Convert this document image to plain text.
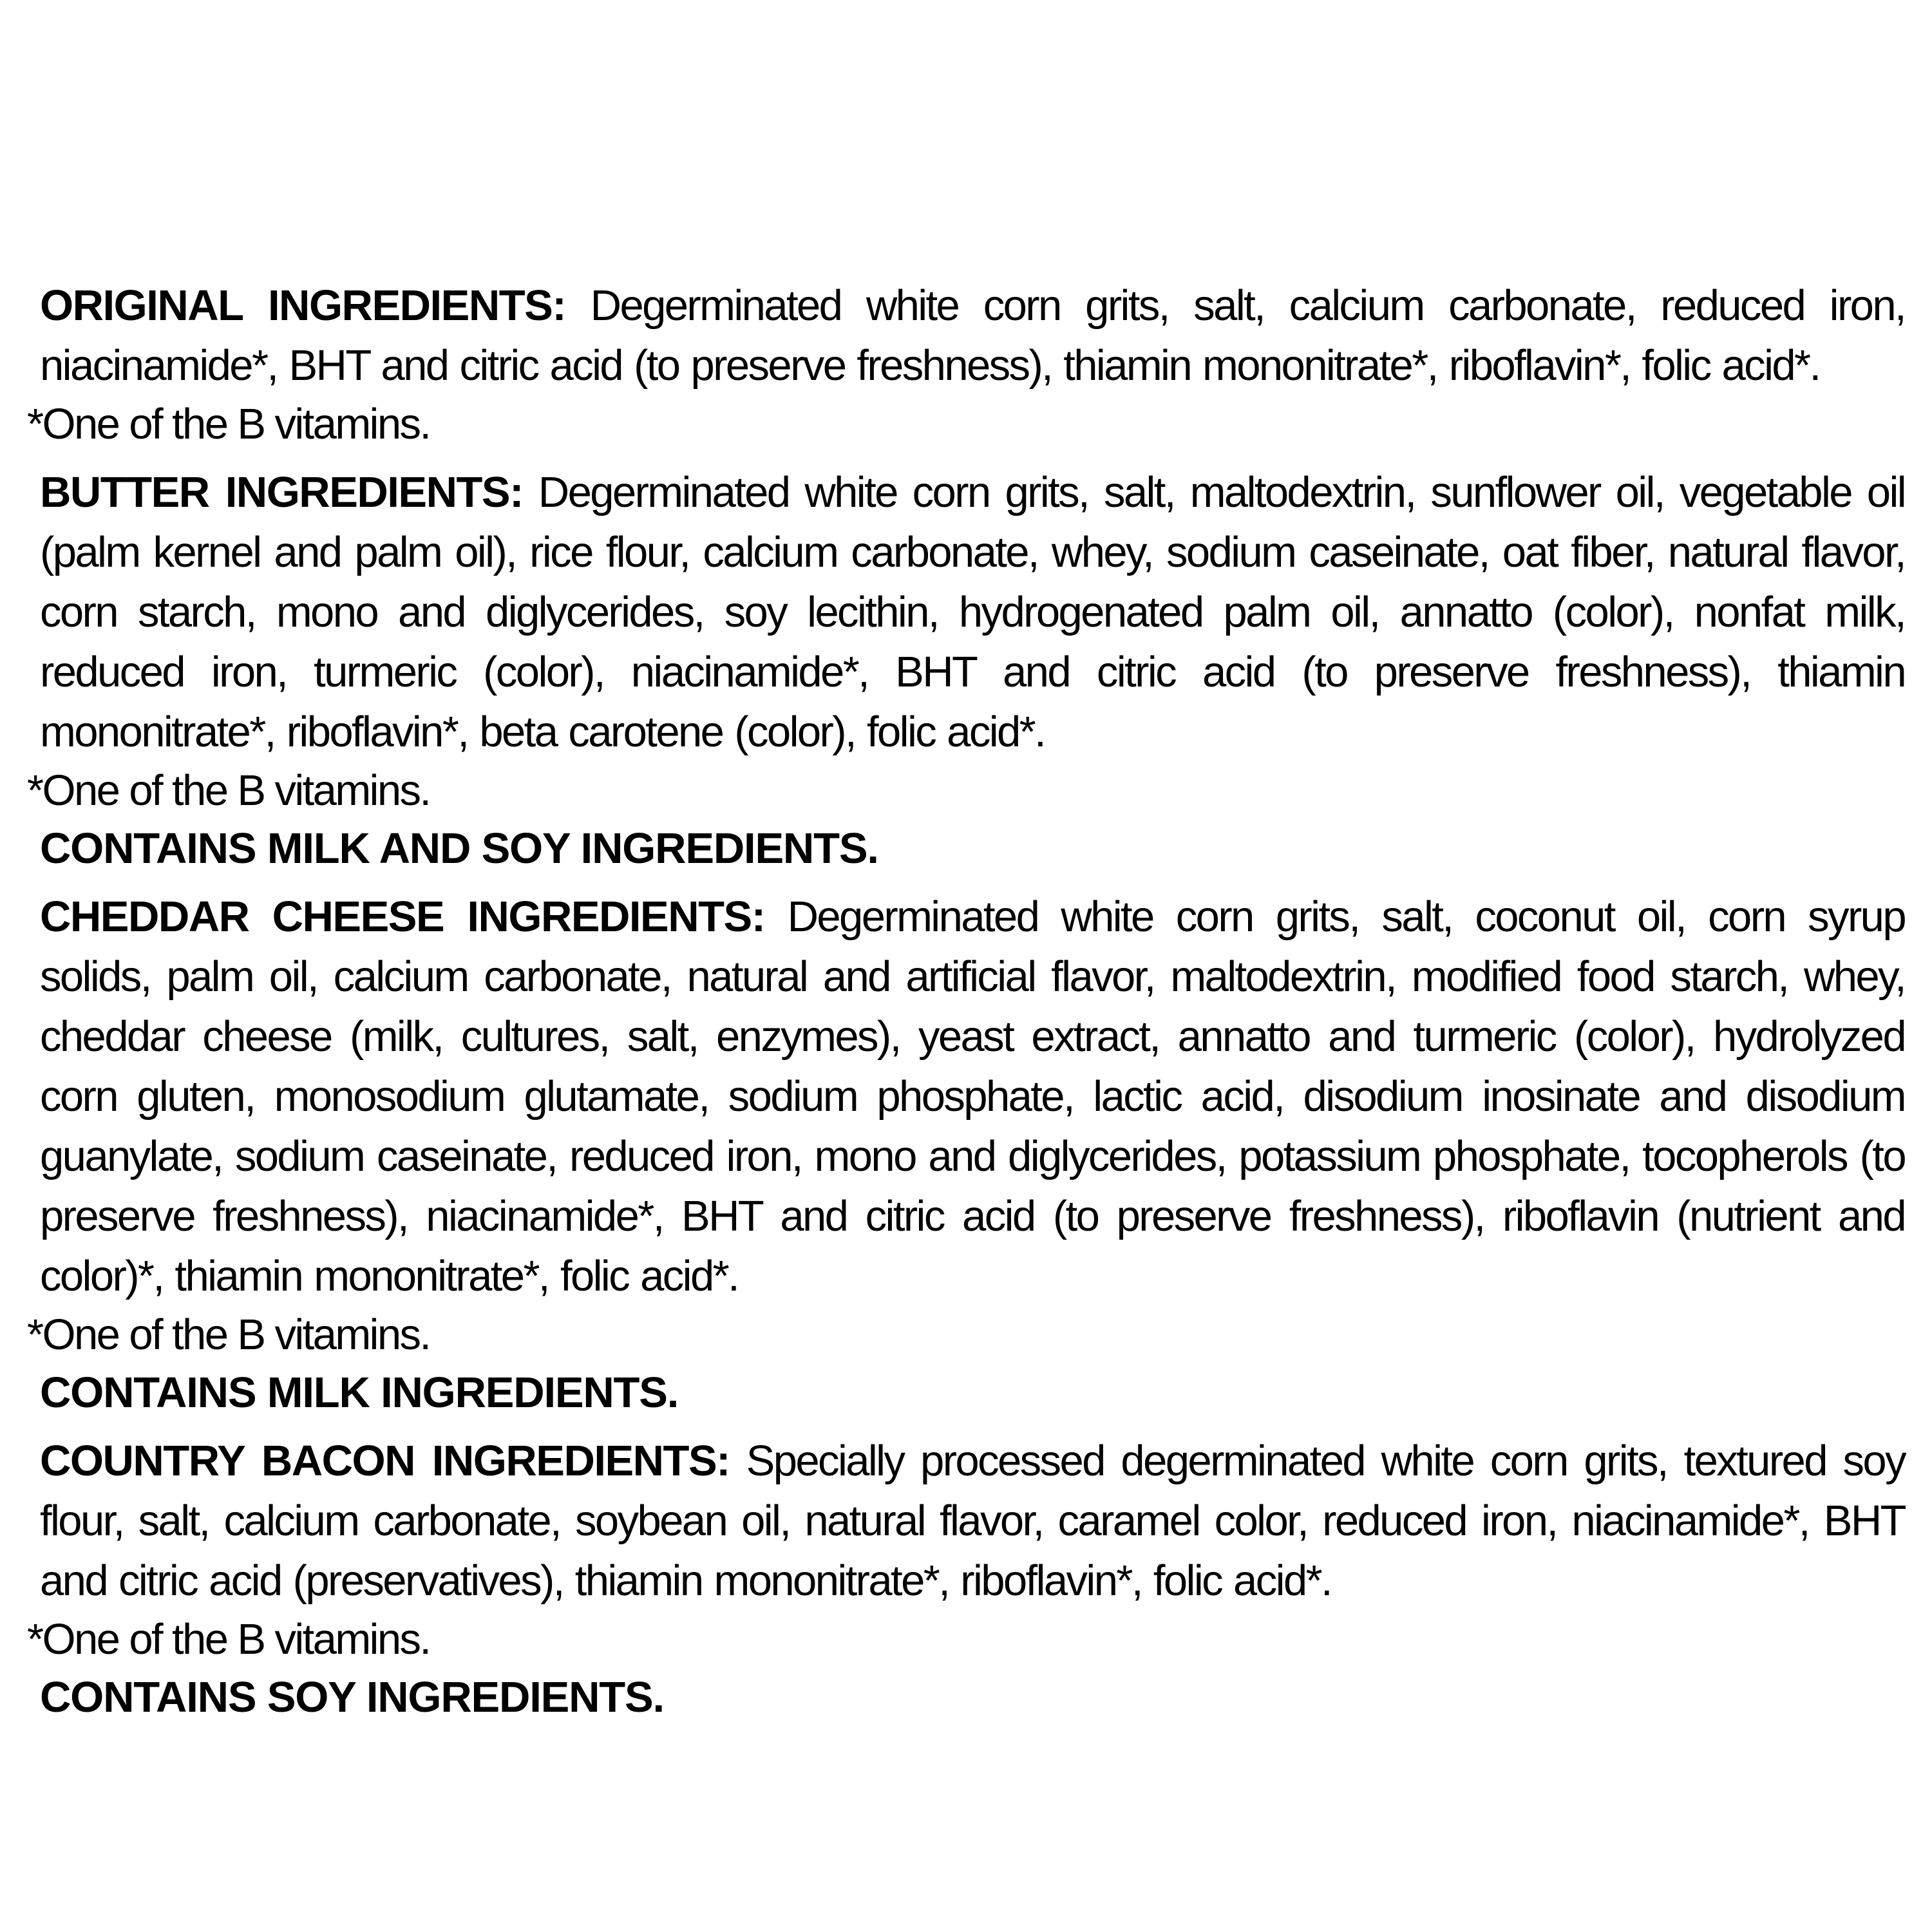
ORIGINAL INGREDIENTS: Degerminated white corn grits, salt, calcium carbonate, reduced iron, niacinamide*, BHT and citric acid (to preserve freshness), thiamin mononitrate*, riboflavin*, folic acid*.

*One of the B vitamins.

BUTTER INGREDIENTS: Degerminated white corn grits, salt, maltodextrin, sunflower oil, vegetable oil (palm kernel and palm oil), rice flour, calcium carbonate, whey, sodium caseinate, oat fiber, natural flavor, corn starch, mono and diglycerides, soy lecithin, hydrogenated palm oil, annatto (color), nonfat milk, reduced iron, turmeric (color), niacinamide*, BHT and citric acid (to preserve freshness), thiamin mononitrate*, riboflavin*, beta carotene (color), folic acid*.

*One of the B vitamins.

CONTAINS MILK AND SOY INGREDIENTS.

CHEDDAR CHEESE INGREDIENTS: Degerminated white corn grits, salt, coconut oil, corn syrup solids, palm oil, calcium carbonate, natural and artificial flavor, maltodextrin, modified food starch, whey, cheddar cheese (milk, cultures, salt, enzymes), yeast extract, annatto and turmeric (color), hydrolyzed corn gluten, monosodium glutamate, sodium phosphate, lactic acid, disodium inosinate and disodium guanylate, sodium caseinate, reduced iron, mono and diglycerides, potassium phosphate, tocopherols (to preserve freshness), niacinamide*, BHT and citric acid (to preserve freshness), riboflavin (nutrient and color)*, thiamin mononitrate*, folic acid*.

*One of the B vitamins.

CONTAINS MILK INGREDIENTS.

COUNTRY BACON INGREDIENTS: Specially processed degerminated white corn grits, textured soy flour, salt, calcium carbonate, soybean oil, natural flavor, caramel color, reduced iron, niacinamide*, BHT and citric acid (preservatives), thiamin mononitrate*, riboflavin*, folic acid*.

*One of the B vitamins.

CONTAINS SOY INGREDIENTS.
